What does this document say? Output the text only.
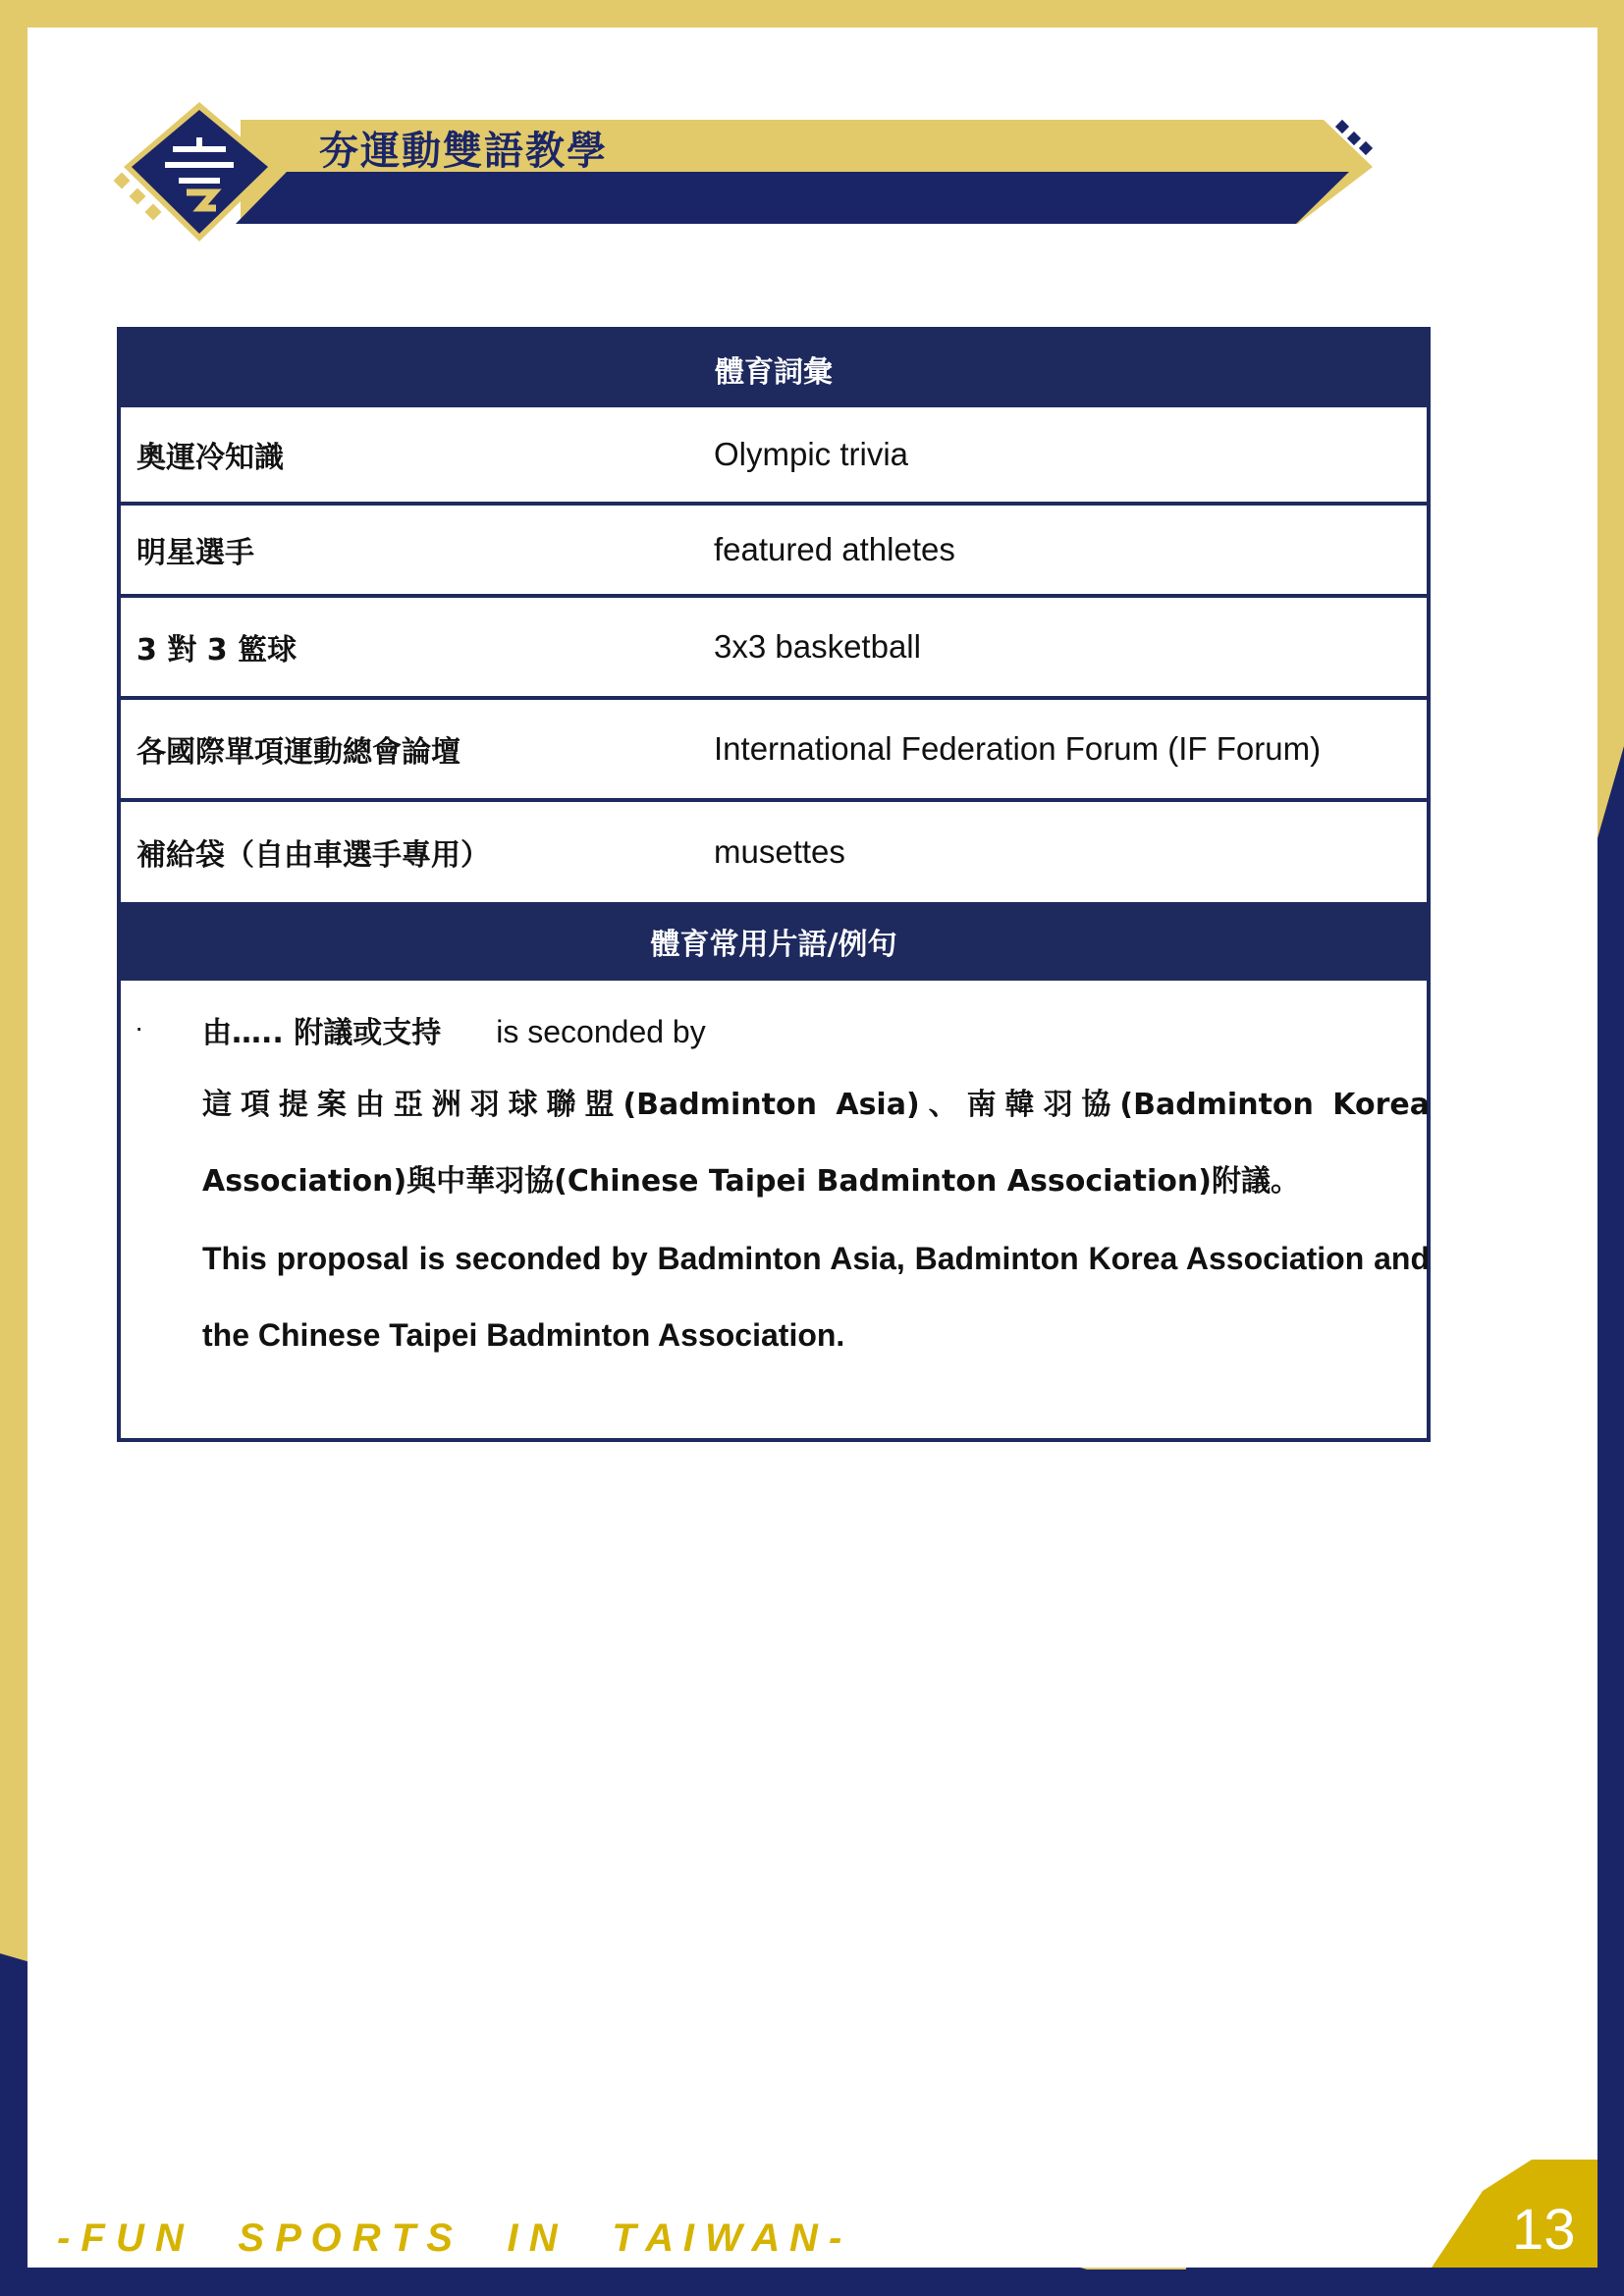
夯運動雙語教學
體育詞彙
奧運冷知識	Olympic trivia
明星選手	featured athletes
3 對 3 籃球	3x3 basketball
各國際單項運動總會論壇	International Federation Forum (IF Forum)
補給袋（自由車選手專用）	musettes
體育常用片語/例句
· 由….. 附議或支持 is seconded by
這項提案由亞洲羽球聯盟(Badminton Asia)、南韓羽協(Badminton Korea Association)與中華羽協(Chinese Taipei Badminton Association)附議。
This proposal is seconded by Badminton Asia, Badminton Korea Association and the Chinese Taipei Badminton Association.
- F U N     S P O R T S     I N     T A I W A N -	13
